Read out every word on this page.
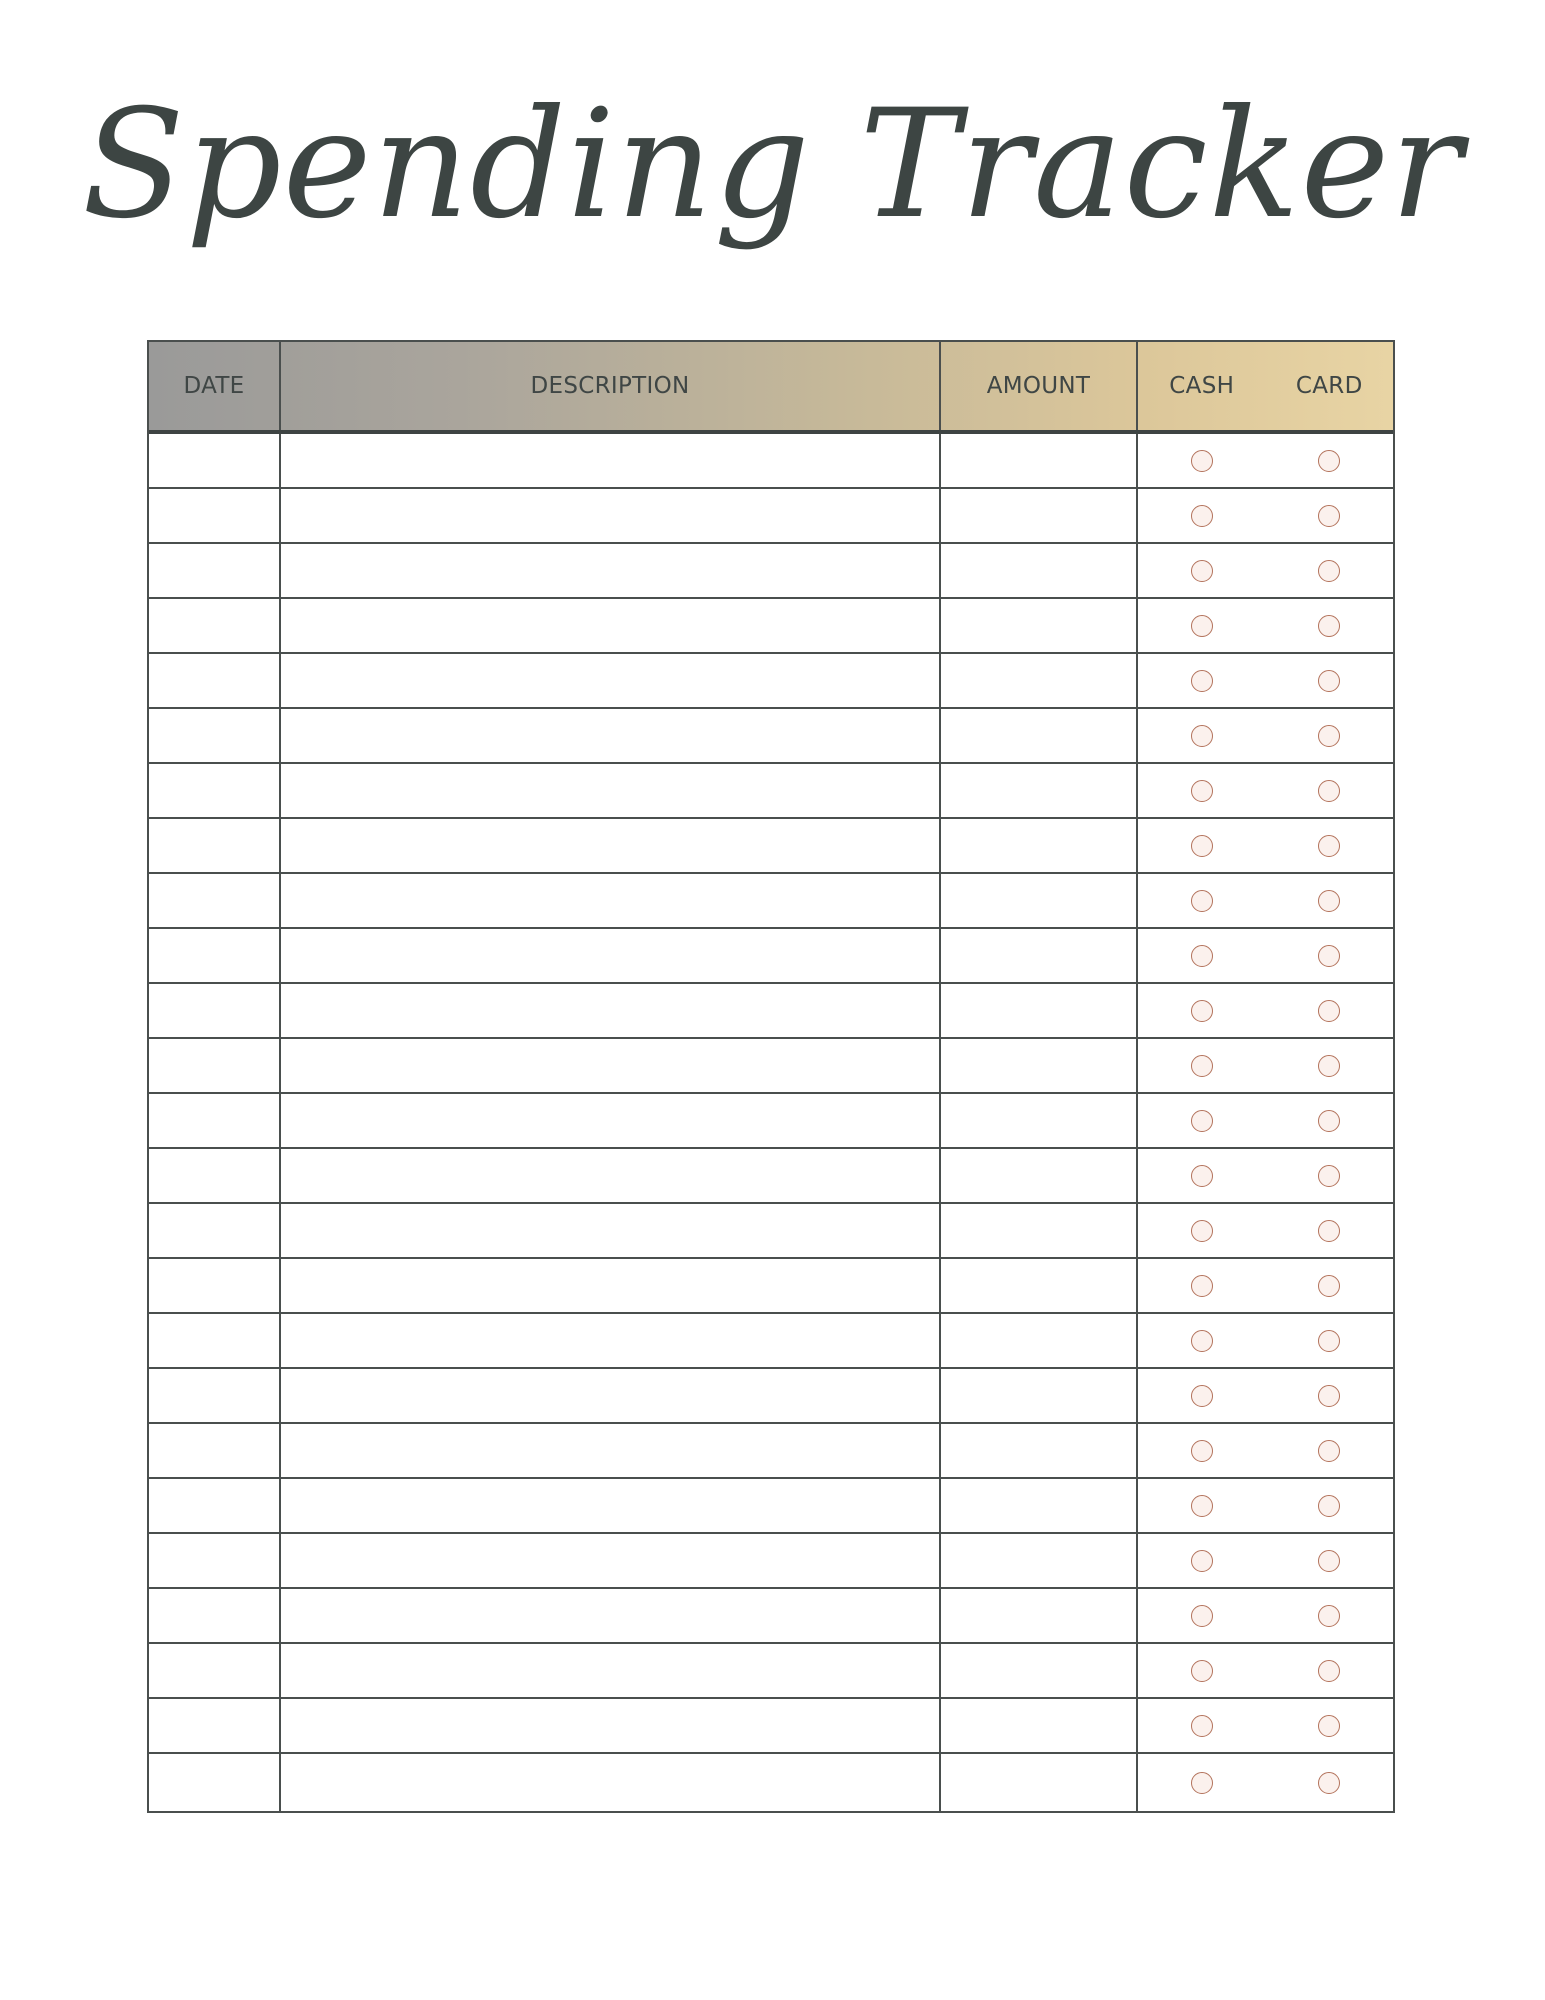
Spending Tracker
DATE	DESCRIPTION	AMOUNT	CASH	CARD
